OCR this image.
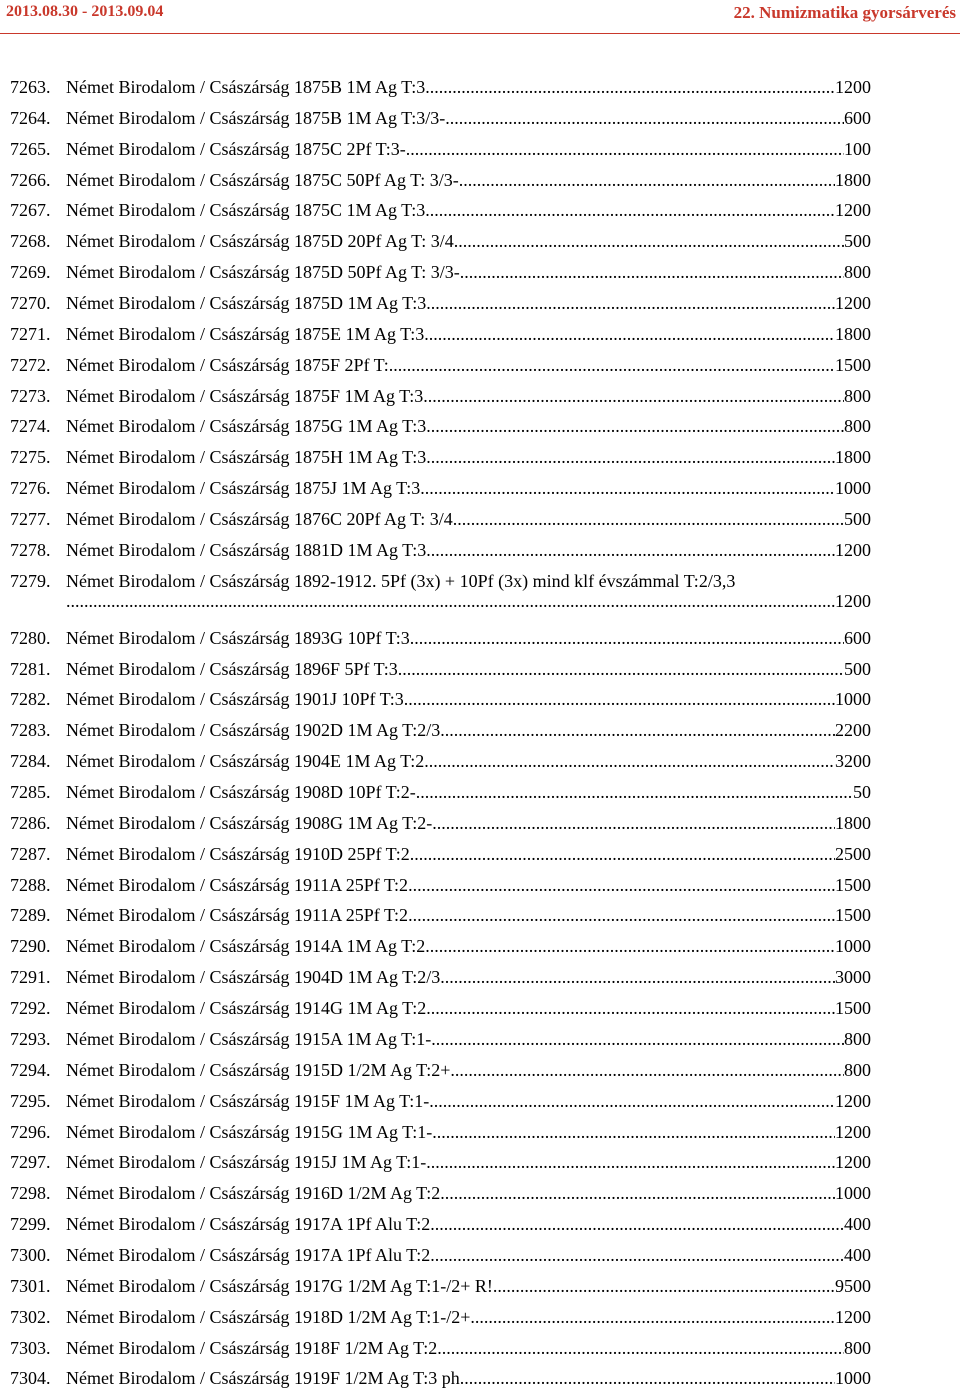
2013.08.30 - 2013.09.04	22. Numizmatika gyorsárverés
7263. Német Birodalom / Császárság 1875B 1M Ag T:3 .....	1200
7264. Német Birodalom / Császárság 1875B 1M Ag T:3/3- .....	600
7265. Német Birodalom / Császárság 1875C 2Pf T:3- .....	100
7266. Német Birodalom / Császárság 1875C 50Pf Ag T: 3/3- .....	1800
7267. Német Birodalom / Császárság 1875C 1M Ag T:3 .....	1200
7268. Német Birodalom / Császárság 1875D 20Pf Ag T: 3/4 .....	500
7269. Német Birodalom / Császárság 1875D 50Pf Ag T: 3/3- .....	800
7270. Német Birodalom / Császárság 1875D 1M Ag T:3 .....	1200
7271. Német Birodalom / Császárság 1875E 1M Ag T:3 .....	1800
7272. Német Birodalom / Császárság 1875F 2Pf T: .....	1500
7273. Német Birodalom / Császárság 1875F 1M Ag T:3 .....	800
7274. Német Birodalom / Császárság 1875G 1M Ag T:3 .....	800
7275. Német Birodalom / Császárság 1875H 1M Ag T:3 .....	1800
7276. Német Birodalom / Császárság 1875J 1M Ag T:3 .....	1000
7277. Német Birodalom / Császárság 1876C 20Pf Ag T: 3/4 .....	500
7278. Német Birodalom / Császárság 1881D 1M Ag T:3 .....	1200
7279. Német Birodalom / Császárság 1892-1912. 5Pf (3x) + 10Pf (3x) mind klf évszámmal T:2/3,3
.....
1200
7280. Német Birodalom / Császárság 1893G 10Pf T:3 .....	600
7281. Német Birodalom / Császárság 1896F 5Pf T:3 .....	500
7282. Német Birodalom / Császárság 1901J 10Pf T:3 .....	1000
7283. Német Birodalom / Császárság 1902D 1M Ag T:2/3 .....	2200
7284. Német Birodalom / Császárság 1904E 1M Ag T:2 .....	3200
7285. Német Birodalom / Császárság 1908D 10Pf T:2- .....	50
7286. Német Birodalom / Császárság 1908G 1M Ag T:2- .....	1800
7287. Német Birodalom / Császárság 1910D 25Pf T:2 .....	2500
7288. Német Birodalom / Császárság 1911A 25Pf T:2 .....	1500
7289. Német Birodalom / Császárság 1911A 25Pf T:2 .....	1500
7290. Német Birodalom / Császárság 1914A 1M Ag T:2 .....	1000
7291. Német Birodalom / Császárság 1904D 1M Ag T:2/3 .....	3000
7292. Német Birodalom / Császárság 1914G 1M Ag T:2 .....	1500
7293. Német Birodalom / Császárság 1915A 1M Ag T:1- .....	800
7294. Német Birodalom / Császárság 1915D 1/2M Ag T:2+ .....	800
7295. Német Birodalom / Császárság 1915F 1M Ag T:1- .....	1200
7296. Német Birodalom / Császárság 1915G 1M Ag T:1- .....	1200
7297. Német Birodalom / Császárság 1915J 1M Ag T:1- .....	1200
7298. Német Birodalom / Császárság 1916D 1/2M Ag T:2 .....	1000
7299. Német Birodalom / Császárság 1917A 1Pf Alu T:2 .....	400
7300. Német Birodalom / Császárság 1917A 1Pf Alu T:2 .....	400
7301. Német Birodalom / Császárság 1917G 1/2M Ag T:1-/2+ R! .....	9500
7302. Német Birodalom / Császárság 1918D 1/2M Ag T:1-/2+ .....	1200
7303. Német Birodalom / Császárság 1918F 1/2M Ag T:2 .....	800
7304. Német Birodalom / Császárság 1919F 1/2M Ag T:3 ph. .....	1000
